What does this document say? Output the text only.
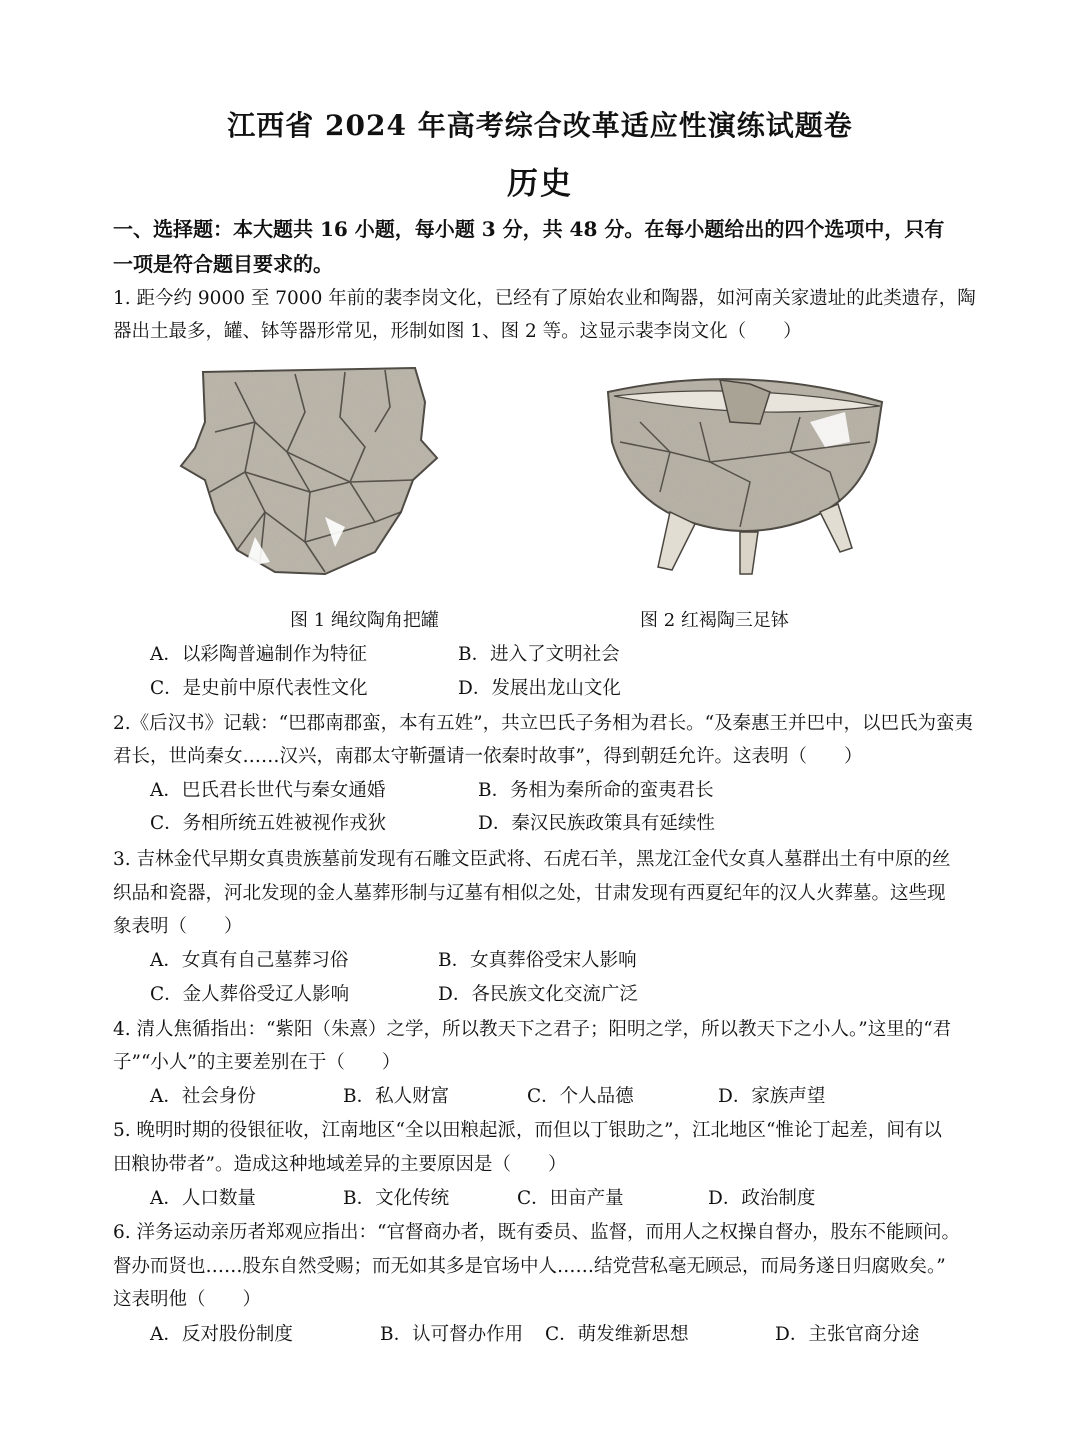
江西省 2024 年高考综合改革适应性演练试题卷
历史
一、选择题：本大题共 16 小题，每小题 3 分，共 48 分。在每小题给出的四个选项中，只有
一项是符合题目要求的。
1. 距今约 9000 至 7000 年前的裴李岗文化，已经有了原始农业和陶器，如河南关家遗址的此类遗存，陶
器出土最多，罐、钵等器形常见，形制如图 1、图 2 等。这显示裴李岗文化（　　）
图 1 绳纹陶角把罐	图 2 红褐陶三足钵
A．以彩陶普遍制作为特征	B．进入了文明社会
C．是史前中原代表性文化	D．发展出龙山文化
2.《后汉书》记载：“巴郡南郡蛮，本有五姓”，共立巴氏子务相为君长。“及秦惠王并巴中，以巴氏为蛮夷
君长，世尚秦女……汉兴，南郡太守靳彊请一依秦时故事”，得到朝廷允许。这表明（　　）
A．巴氏君长世代与秦女通婚	B．务相为秦所命的蛮夷君长
C．务相所统五姓被视作戎狄	D．秦汉民族政策具有延续性
3. 吉林金代早期女真贵族墓前发现有石雕文臣武将、石虎石羊，黑龙江金代女真人墓群出土有中原的丝
织品和瓷器，河北发现的金人墓葬形制与辽墓有相似之处，甘肃发现有西夏纪年的汉人火葬墓。这些现
象表明（　　）
A．女真有自己墓葬习俗	B．女真葬俗受宋人影响
C．金人葬俗受辽人影响	D．各民族文化交流广泛
4. 清人焦循指出：“紫阳（朱熹）之学，所以教天下之君子；阳明之学，所以教天下之小人。”这里的“君
子”“小人”的主要差别在于（　　）
A．社会身份	B．私人财富	C．个人品德	D．家族声望
5. 晚明时期的役银征收，江南地区“全以田粮起派，而但以丁银助之”，江北地区“惟论丁起差，间有以
田粮协带者”。造成这种地域差异的主要原因是（　　）
A．人口数量	B．文化传统	C．田亩产量	D．政治制度
6. 洋务运动亲历者郑观应指出：“官督商办者，既有委员、监督，而用人之权操自督办，股东不能顾问。
督办而贤也……股东自然受赐；而无如其多是官场中人……结党营私毫无顾忌，而局务遂日归腐败矣。”
这表明他（　　）
A．反对股份制度	B．认可督办作用 C．萌发维新思想	D．主张官商分途
